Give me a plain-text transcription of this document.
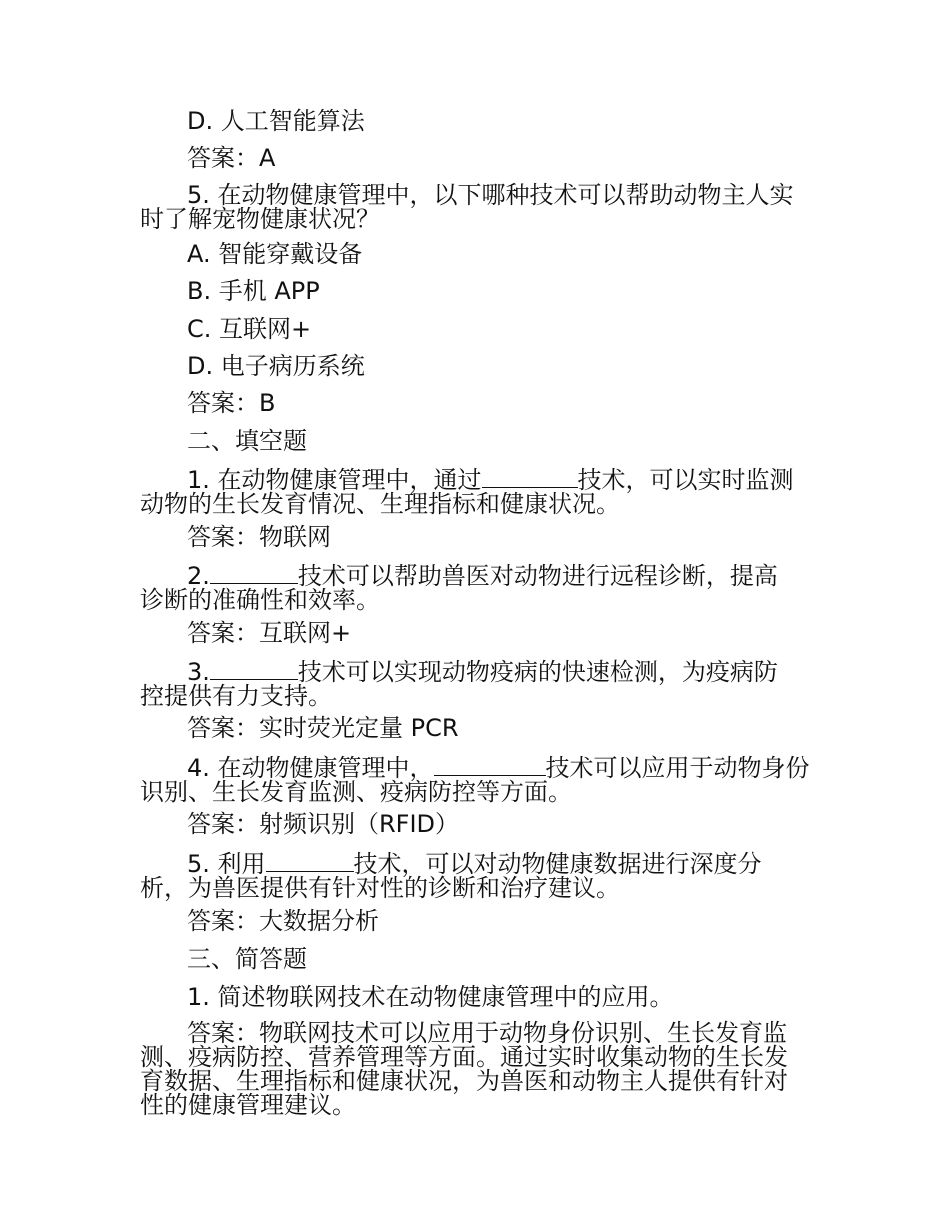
D. 人工智能算法
答案：A
5. 在动物健康管理中，以下哪种技术可以帮助动物主人实
时了解宠物健康状况？
A. 智能穿戴设备
B. 手机 APP
C. 互联网+
D. 电子病历系统
答案：B
二、填空题
1. 在动物健康管理中，通过	技术，可以实时监测
动物的生长发育情况、生理指标和健康状况。
答案：物联网
2.	技术可以帮助兽医对动物进行远程诊断，提高
诊断的准确性和效率。
答案：互联网+
3.	技术可以实现动物疫病的快速检测，为疫病防
控提供有力支持。
答案：实时荧光定量 PCR
4. 在动物健康管理中，	技术可以应用于动物身份
识别、生长发育监测、疫病防控等方面。
答案：射频识别（RFID）
5. 利用	技术，可以对动物健康数据进行深度分
析，为兽医提供有针对性的诊断和治疗建议。
答案：大数据分析
三、简答题
1. 简述物联网技术在动物健康管理中的应用。
答案：物联网技术可以应用于动物身份识别、生长发育监
测、疫病防控、营养管理等方面。通过实时收集动物的生长发
育数据、生理指标和健康状况，为兽医和动物主人提供有针对
性的健康管理建议。
